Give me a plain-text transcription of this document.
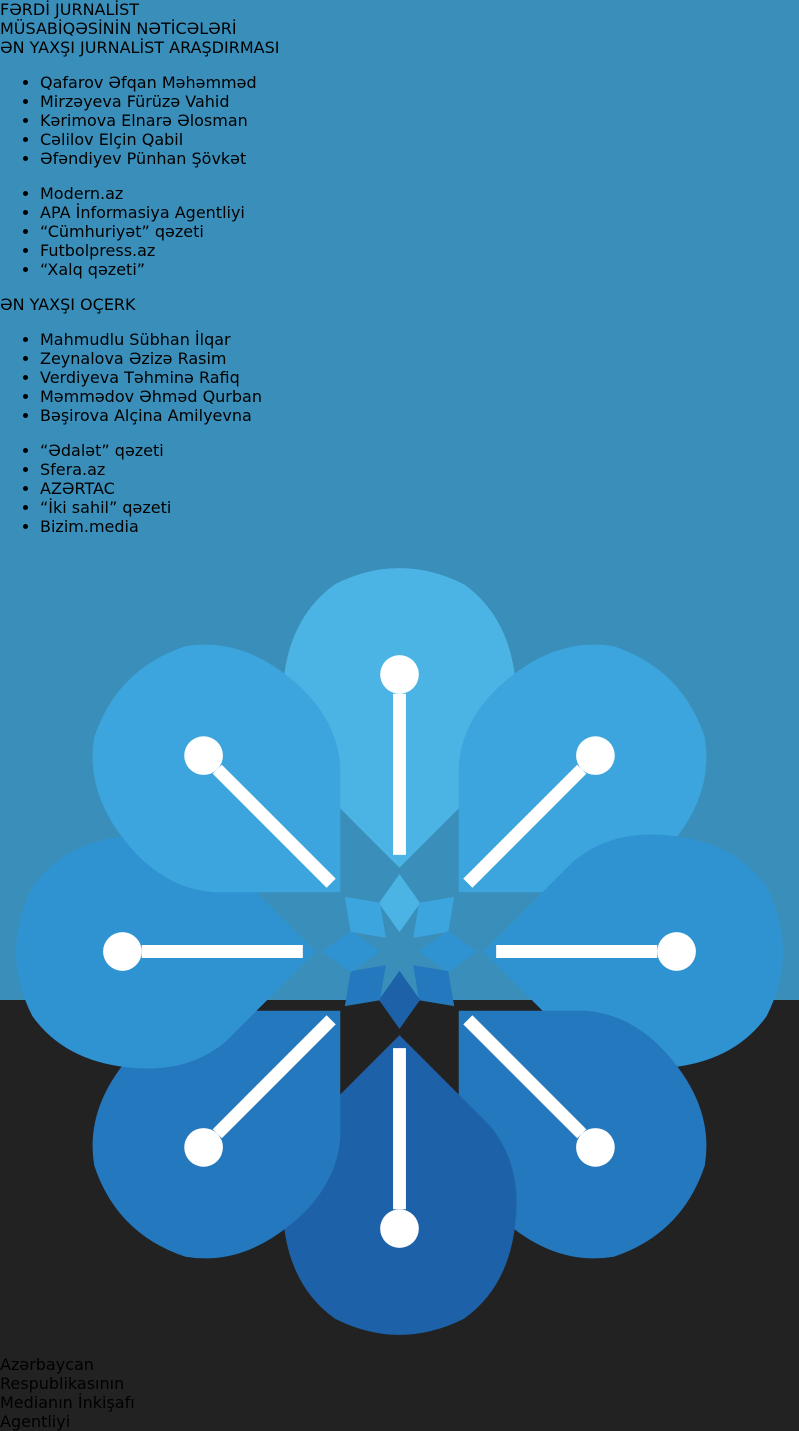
FƏRDİ JURNALİST
MÜSABİQƏSİNİN NƏTİCƏLƏRİ
ƏN YAXŞI JURNALİST ARAŞDIRMASI
• Qafarov Əfqan Məhəmməd
• Mirzəyeva Fürüzə Vahid
• Kərimova Elnarə Əlosman
• Cəlilov Elçin Qabil
• Əfəndiyev Pünhan Şövkət
• Modern.az
• APA İnformasiya Agentliyi
• “Cümhuriyət” qəzeti
• Futbolpress.az
• “Xalq qəzeti”
ƏN YAXŞI OÇERK
• Mahmudlu Sübhan İlqar
• Zeynalova Əzizə Rasim
• Verdiyeva Təhminə Rafiq
• Məmmədov Əhməd Qurban
• Bəşirova Alçina Amilyevna
• “Ədalət” qəzeti
• Sfera.az
• AZƏRTAC
• “İki sahil” qəzeti
• Bizim.media
Azərbaycan
Respublikasının
Medianın İnkişafı
Agentliyi
